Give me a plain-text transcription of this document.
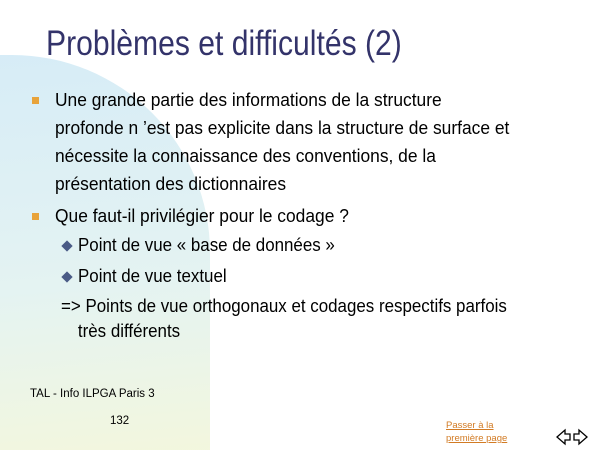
Problèmes et difficultés (2)
Une grande partie des informations de la structure
profonde n ’est pas explicite dans la structure de surface et
nécessite la connaissance des conventions, de la
présentation des dictionnaires
Que faut-il privilégier pour le codage ?
Point de vue « base de données »
Point de vue textuel
=> Points de vue orthogonaux et codages respectifs parfois
très différents
TAL - Info ILPGA Paris 3
132	Passer à la
première page
